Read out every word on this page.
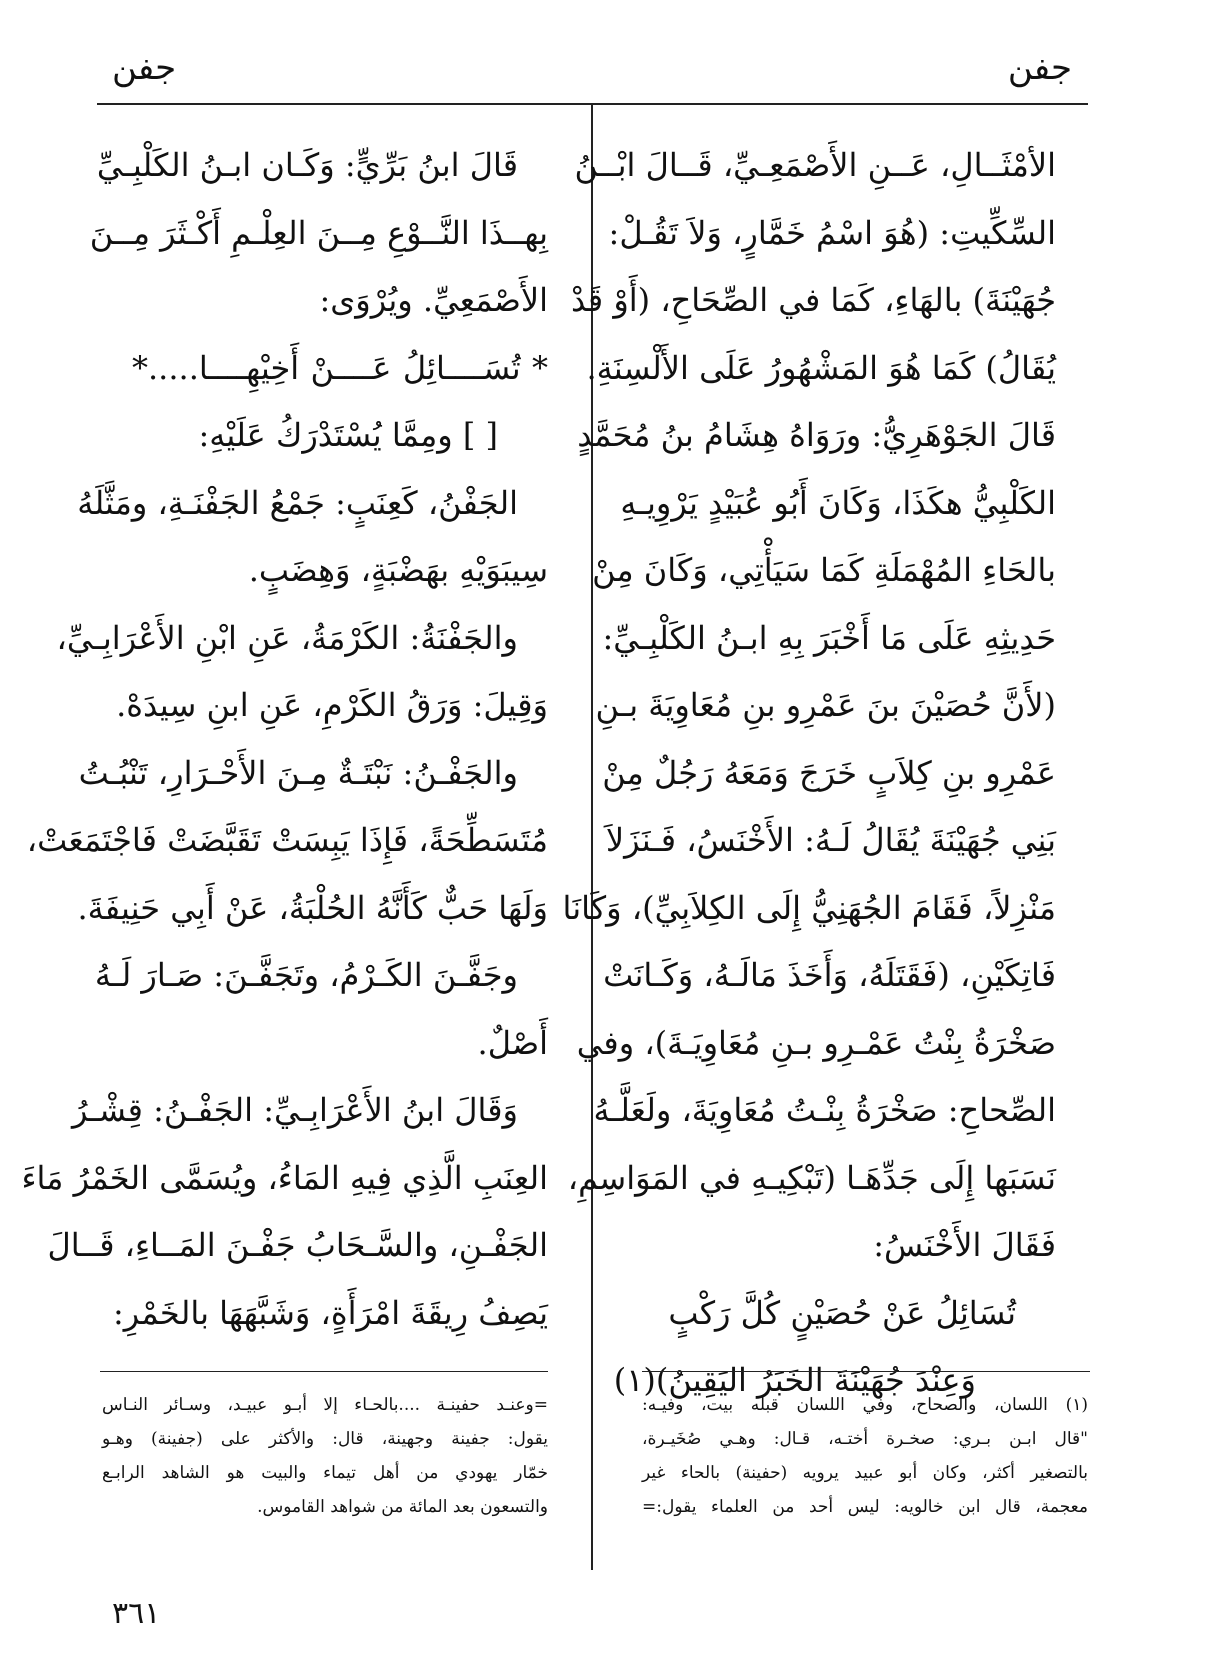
جفن
جفن
الأمْثَــالِ، عَــنِ الأَصْمَعِـيِّ، قَــالَ ابْــنُ
السِّكِّيتِ: (هُوَ اسْمُ خَمَّارٍ، وَلاَ تَقُـلْ:
جُهَيْنَةَ) بالهَاءِ، كَمَا في الصِّحَاحِ، (أَوْ قَدْ
يُقَالُ) كَمَا هُوَ المَشْهُورُ عَلَى الأَلْسِنَةِ.
قَالَ الجَوْهَرِيُّ: ورَوَاهُ هِشَامُ بنُ مُحَمَّدٍ
الكَلْبِيُّ هكَذَا، وَكَانَ أَبُو عُبَيْدٍ يَرْوِيـهِ
بالحَاءِ المُهْمَلَةِ كَمَا سَيَأْتِي، وَكَانَ مِنْ
حَدِيثِهِ عَلَى مَا أَخْبَرَ بِهِ ابـنُ الكَلْبِـيِّ:
(لأَنَّ حُصَيْنَ بنَ عَمْرِو بنِ مُعَاوِيَةَ بـنِ
عَمْرِو بنِ كِلاَبٍ خَرَجَ وَمَعَهُ رَجُلٌ مِنْ
بَنِي جُهَيْنَةَ يُقَالُ لَـهُ: الأَخْنَسُ، فَـنَزَلاَ
مَنْزِلاً، فَقَامَ الجُهَنِيُّ إِلَى الكِلاَبِيِّ)، وَكَانَا
فَاتِكَيْنِ، (فَقَتَلَهُ، وَأَخَذَ مَالَـهُ، وَكَـانَتْ
صَخْرَةُ بِنْتُ عَمْـرِو بـنِ مُعَاوِيَـةَ)، وفي
الصِّحاحِ: صَخْرَةُ بِنْـتُ مُعَاوِيَةَ، ولَعَلَّـهُ
نَسَبَها إِلَى جَدِّهَـا (تَبْكِيـهِ في المَوَاسِمِ،
فَقَالَ الأَخْنَسُ:
تُسَائِلُ عَنْ حُصَيْنٍ كُلَّ رَكْبٍ
وَعِنْدَ جُهَيْنَةَ الخَبَرُ اليَقِينُ)(١)
قَالَ ابنُ بَرِّيٍّ: وَكَـان ابـنُ الكَلْبِـيِّ
بِهــذَا النَّــوْعِ مِــنَ العِلْـمِ أَكْـثَرَ مِــنَ
الأَصْمَعِيِّ. ويُرْوَى:
* تُسَــــائِلُ عَــــنْ أَخِيْهِــــا.....*
[ ] ومِمَّا يُسْتَدْرَكُ عَلَيْهِ:
الجَفْنُ، كَعِنَبٍ: جَمْعُ الجَفْنَـةِ، ومَثَّلَهُ
سِيبَوَيْهِ بهَضْبَةٍ، وَهِضَبٍ.
والجَفْنَةُ: الكَرْمَةُ، عَنِ ابْنِ الأَعْرَابِـيِّ،
وَقِيلَ: وَرَقُ الكَرْمِ، عَنِ ابنِ سِيدَهْ.
والجَفْـنُ: نَبْتَـةٌ مِـنَ الأَحْـرَارِ، تَنْبُـتُ
مُتَسَطِّحَةً، فَإِذَا يَبِسَتْ تَقَبَّضَتْ فَاجْتَمَعَتْ،
وَلَهَا حَبٌّ كَأَنَّهُ الحُلْبَةُ، عَنْ أَبِي حَنِيفَةَ.
وجَفَّـنَ الكَـرْمُ، وتَجَفَّـنَ: صَـارَ لَـهُ
أَصْلٌ.
وَقَالَ ابنُ الأَعْرَابِـيِّ: الجَفْـنُ: قِشْـرُ
العِنَبِ الَّذِي فِيهِ المَاءُ، ويُسَمَّى الخَمْرُ مَاءَ
الجَفْـنِ، والسَّـحَابُ جَفْـنَ المَــاءِ، قَــالَ
يَصِفُ رِيقَةَ امْرَأَةٍ، وَشَبَّهَهَا بالخَمْرِ:
(١) اللسان، والصحاح، وفي اللسان قبله بيت، وفيـه:
"قال ابـن بـري: صخـرة أختـه، قـال: وهـي صُخَيـرة،
بالتصغير أكثر، وكان أبو عبيد يرويه (حفينة) بالحاء غير
معجمة، قال ابن خالويه: ليس أحد من العلماء يقول:=
=وعنـد حفينـة ....بالحـاء إلا أبـو عبيـد، وسـائر النـاس
يقول: جفينة وجهينة، قال: والأكثر على (جفينة) وهـو
خمّار يهودي من أهل تيماء والبيت هو الشاهد الرابـع
والتسعون بعد المائة من شواهد القاموس.
٣٦١
